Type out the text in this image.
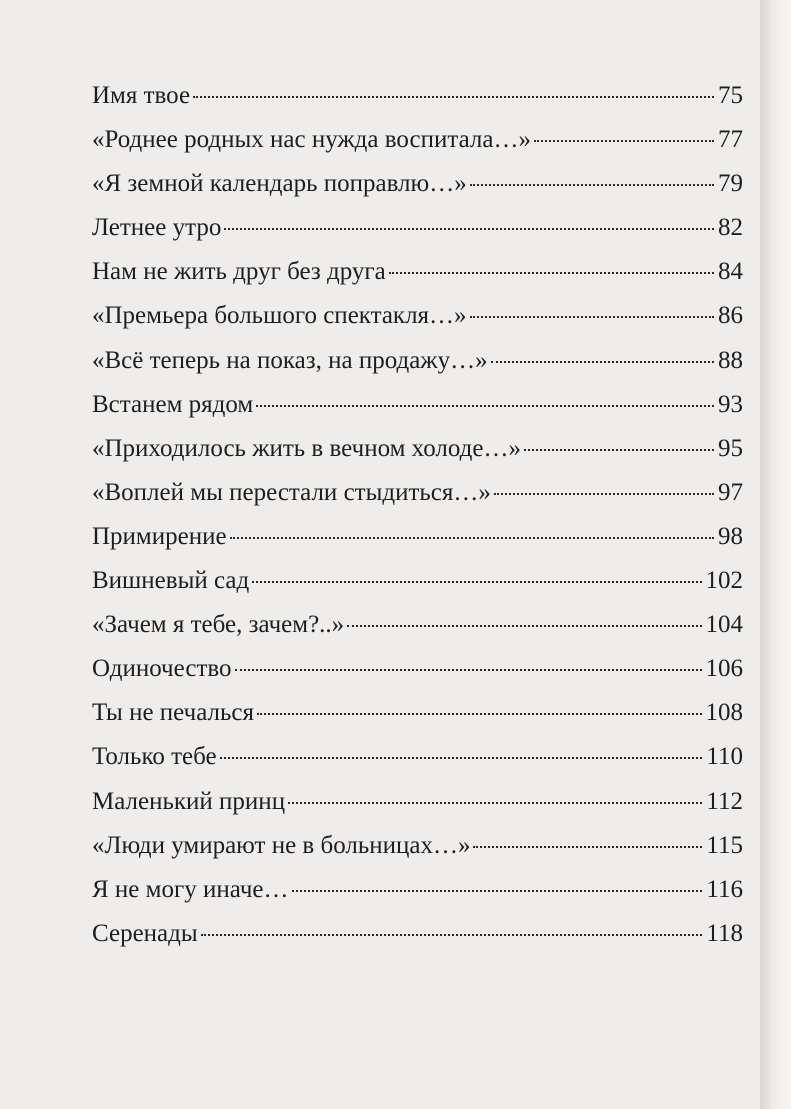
Имя твое	75
«Роднее родных нас нужда воспитала…»	77
«Я земной календарь поправлю…»	79
Летнее утро	82
Нам не жить друг без друга	84
«Премьера большого спектакля…»	86
«Всё теперь на показ, на продажу…»	88
Встанем рядом	93
«Приходилось жить в вечном холоде…»	95
«Воплей мы перестали стыдиться…»	97
Примирение	98
Вишневый сад	102
«Зачем я тебе, зачем?..»	104
Одиночество	106
Ты не печалься	108
Только тебе	110
Маленький принц	112
«Люди умирают не в больницах…»	115
Я не могу иначе…	116
Серенады	118
